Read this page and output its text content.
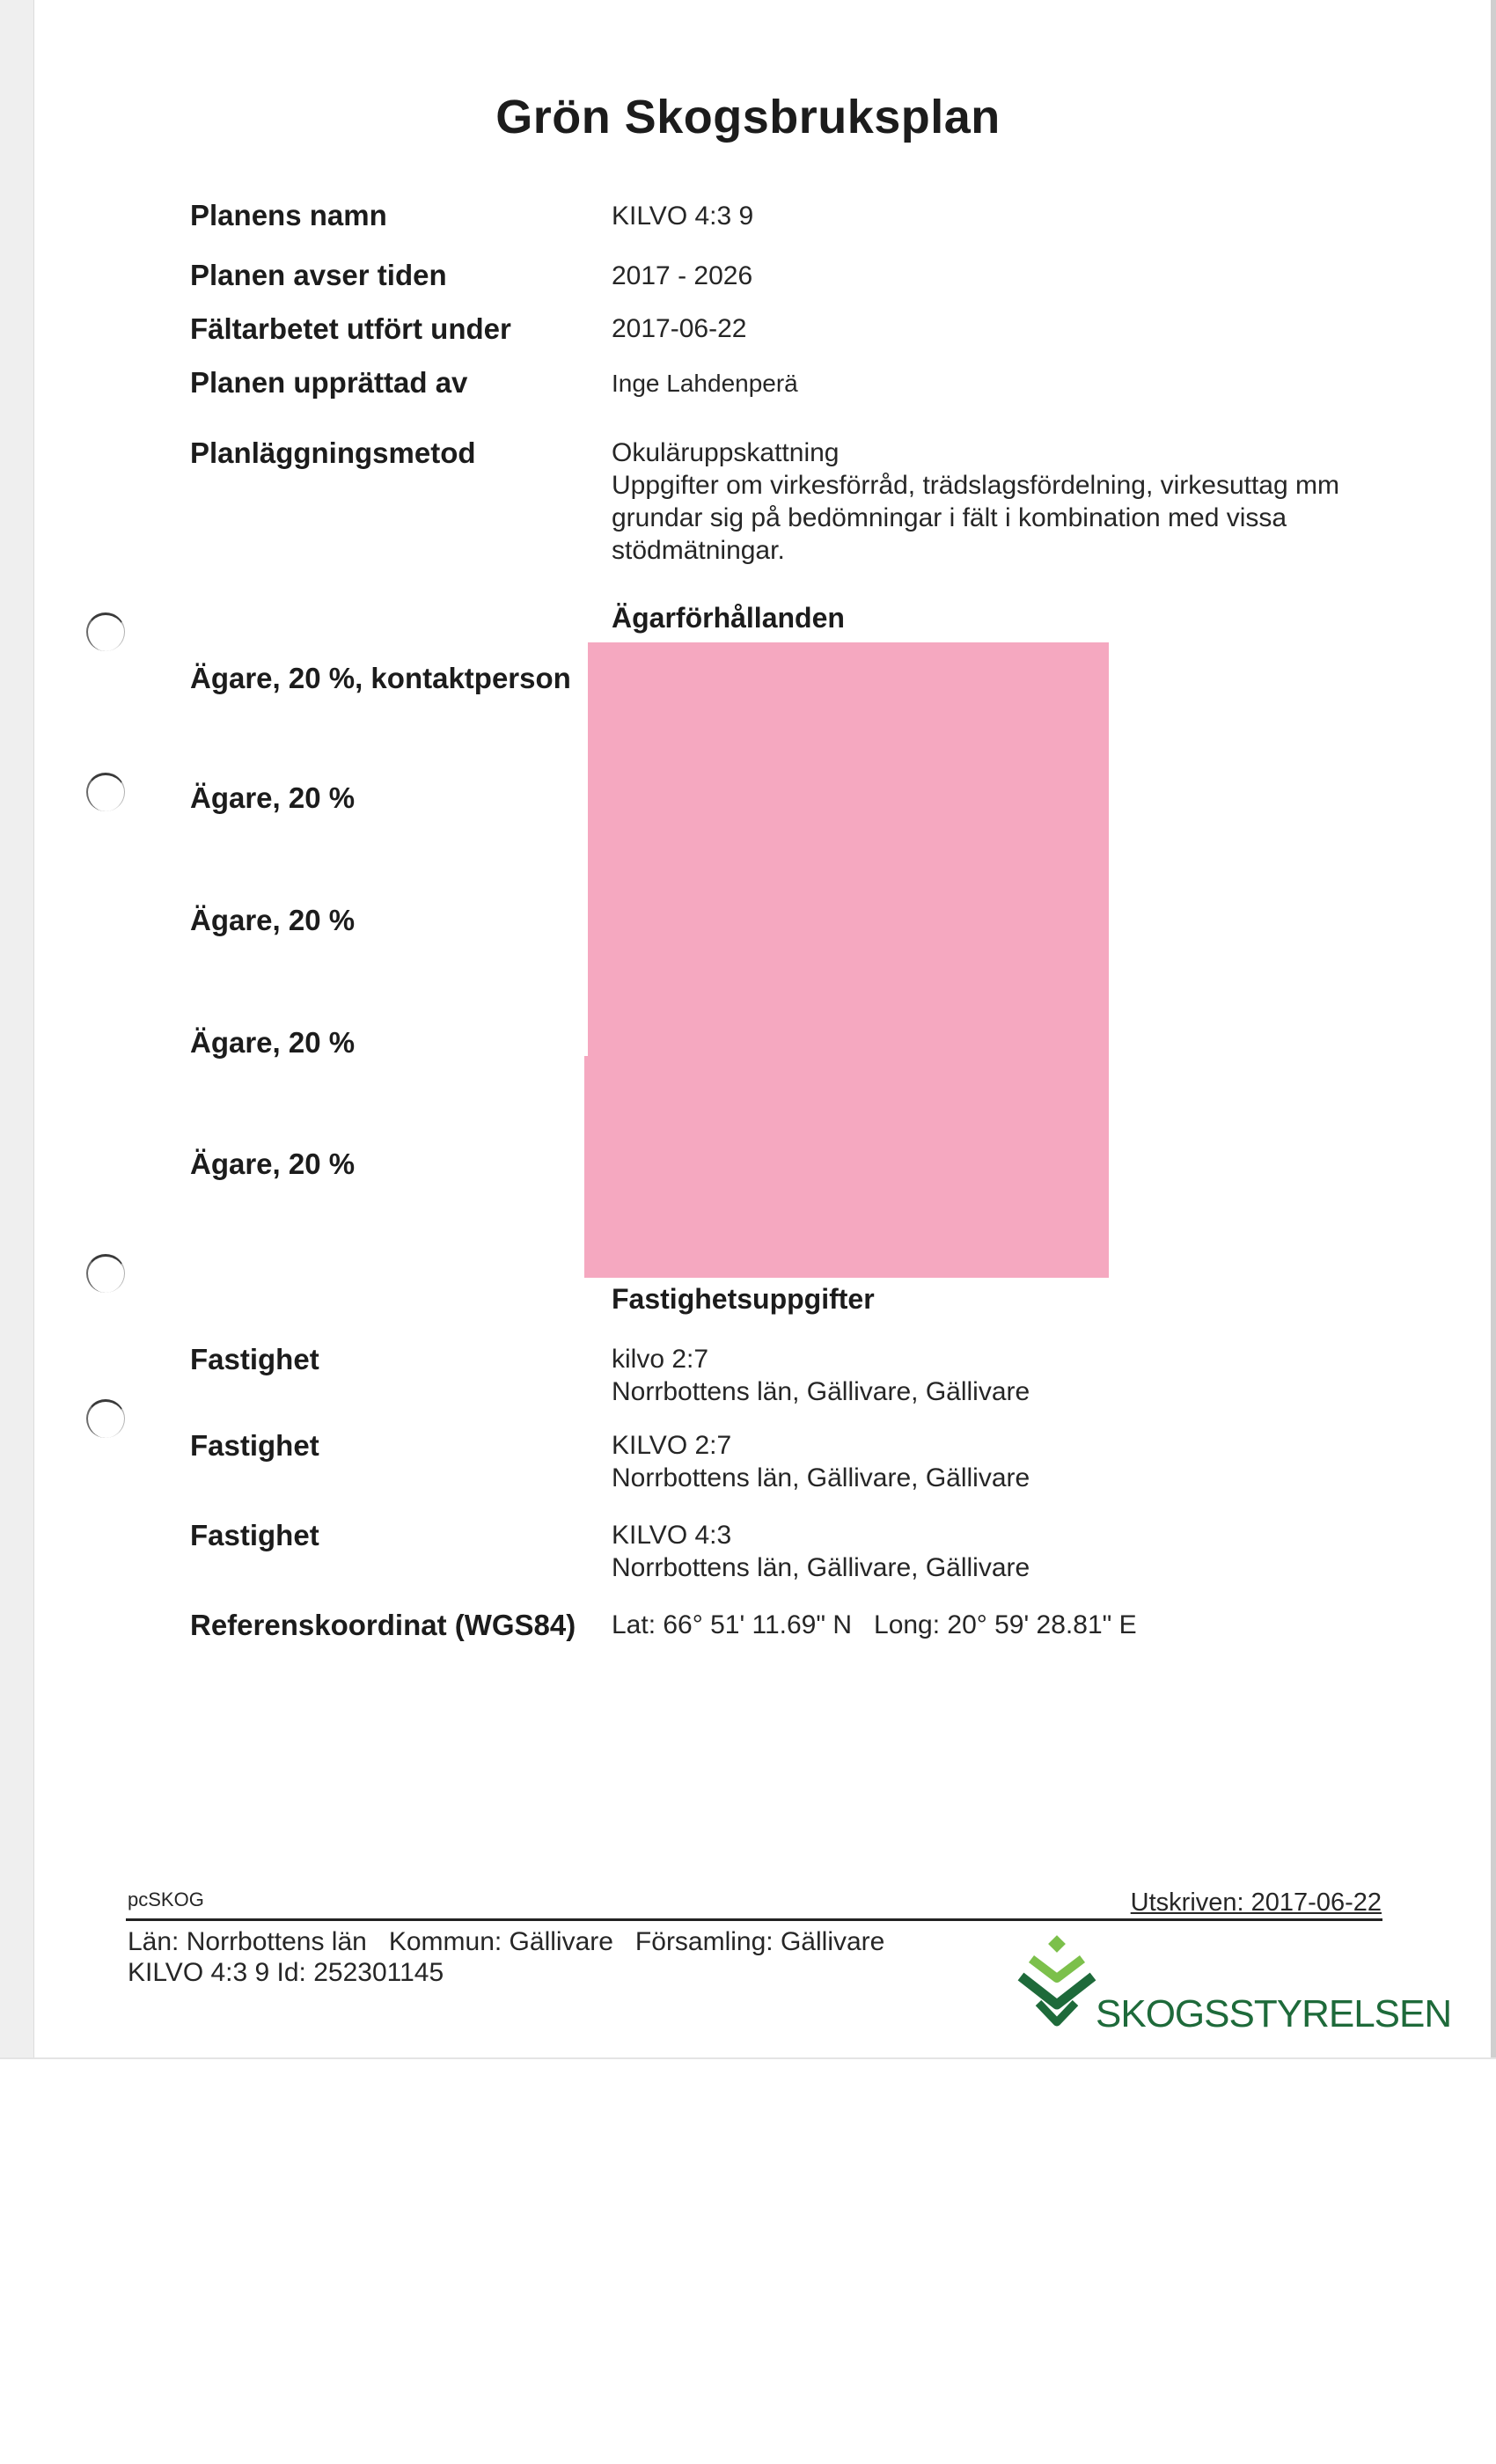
Grön Skogsbruksplan
Planens namn	KILVO 4:3 9
Planen avser tiden	2017 - 2026
Fältarbetet utfört under	2017-06-22
Planen upprättad av	Inge Lahdenperä
Planläggningsmetod	Okuläruppskattning
Uppgifter om virkesförråd, trädslagsfördelning, virkesuttag mm
grundar sig på bedömningar i fält i kombination med vissa
stödmätningar.
Ägarförhållanden
Ägare, 20 %, kontaktperson
Ägare, 20 %
Ägare, 20 %
Ägare, 20 %
Ägare, 20 %
Fastighetsuppgifter
Fastighet	kilvo 2:7
Norrbottens län, Gällivare, Gällivare
Fastighet	KILVO 2:7
Norrbottens län, Gällivare, Gällivare
Fastighet	KILVO 4:3
Norrbottens län, Gällivare, Gällivare
Referenskoordinat (WGS84) Lat: 66° 51' 11.69" N   Long: 20° 59' 28.81" E
pcSKOG	Utskriven: 2017-06-22
Län: Norrbottens län   Kommun: Gällivare   Församling: Gällivare
KILVO 4:3 9 Id: 252301145
SKOGSSTYRELSEN
